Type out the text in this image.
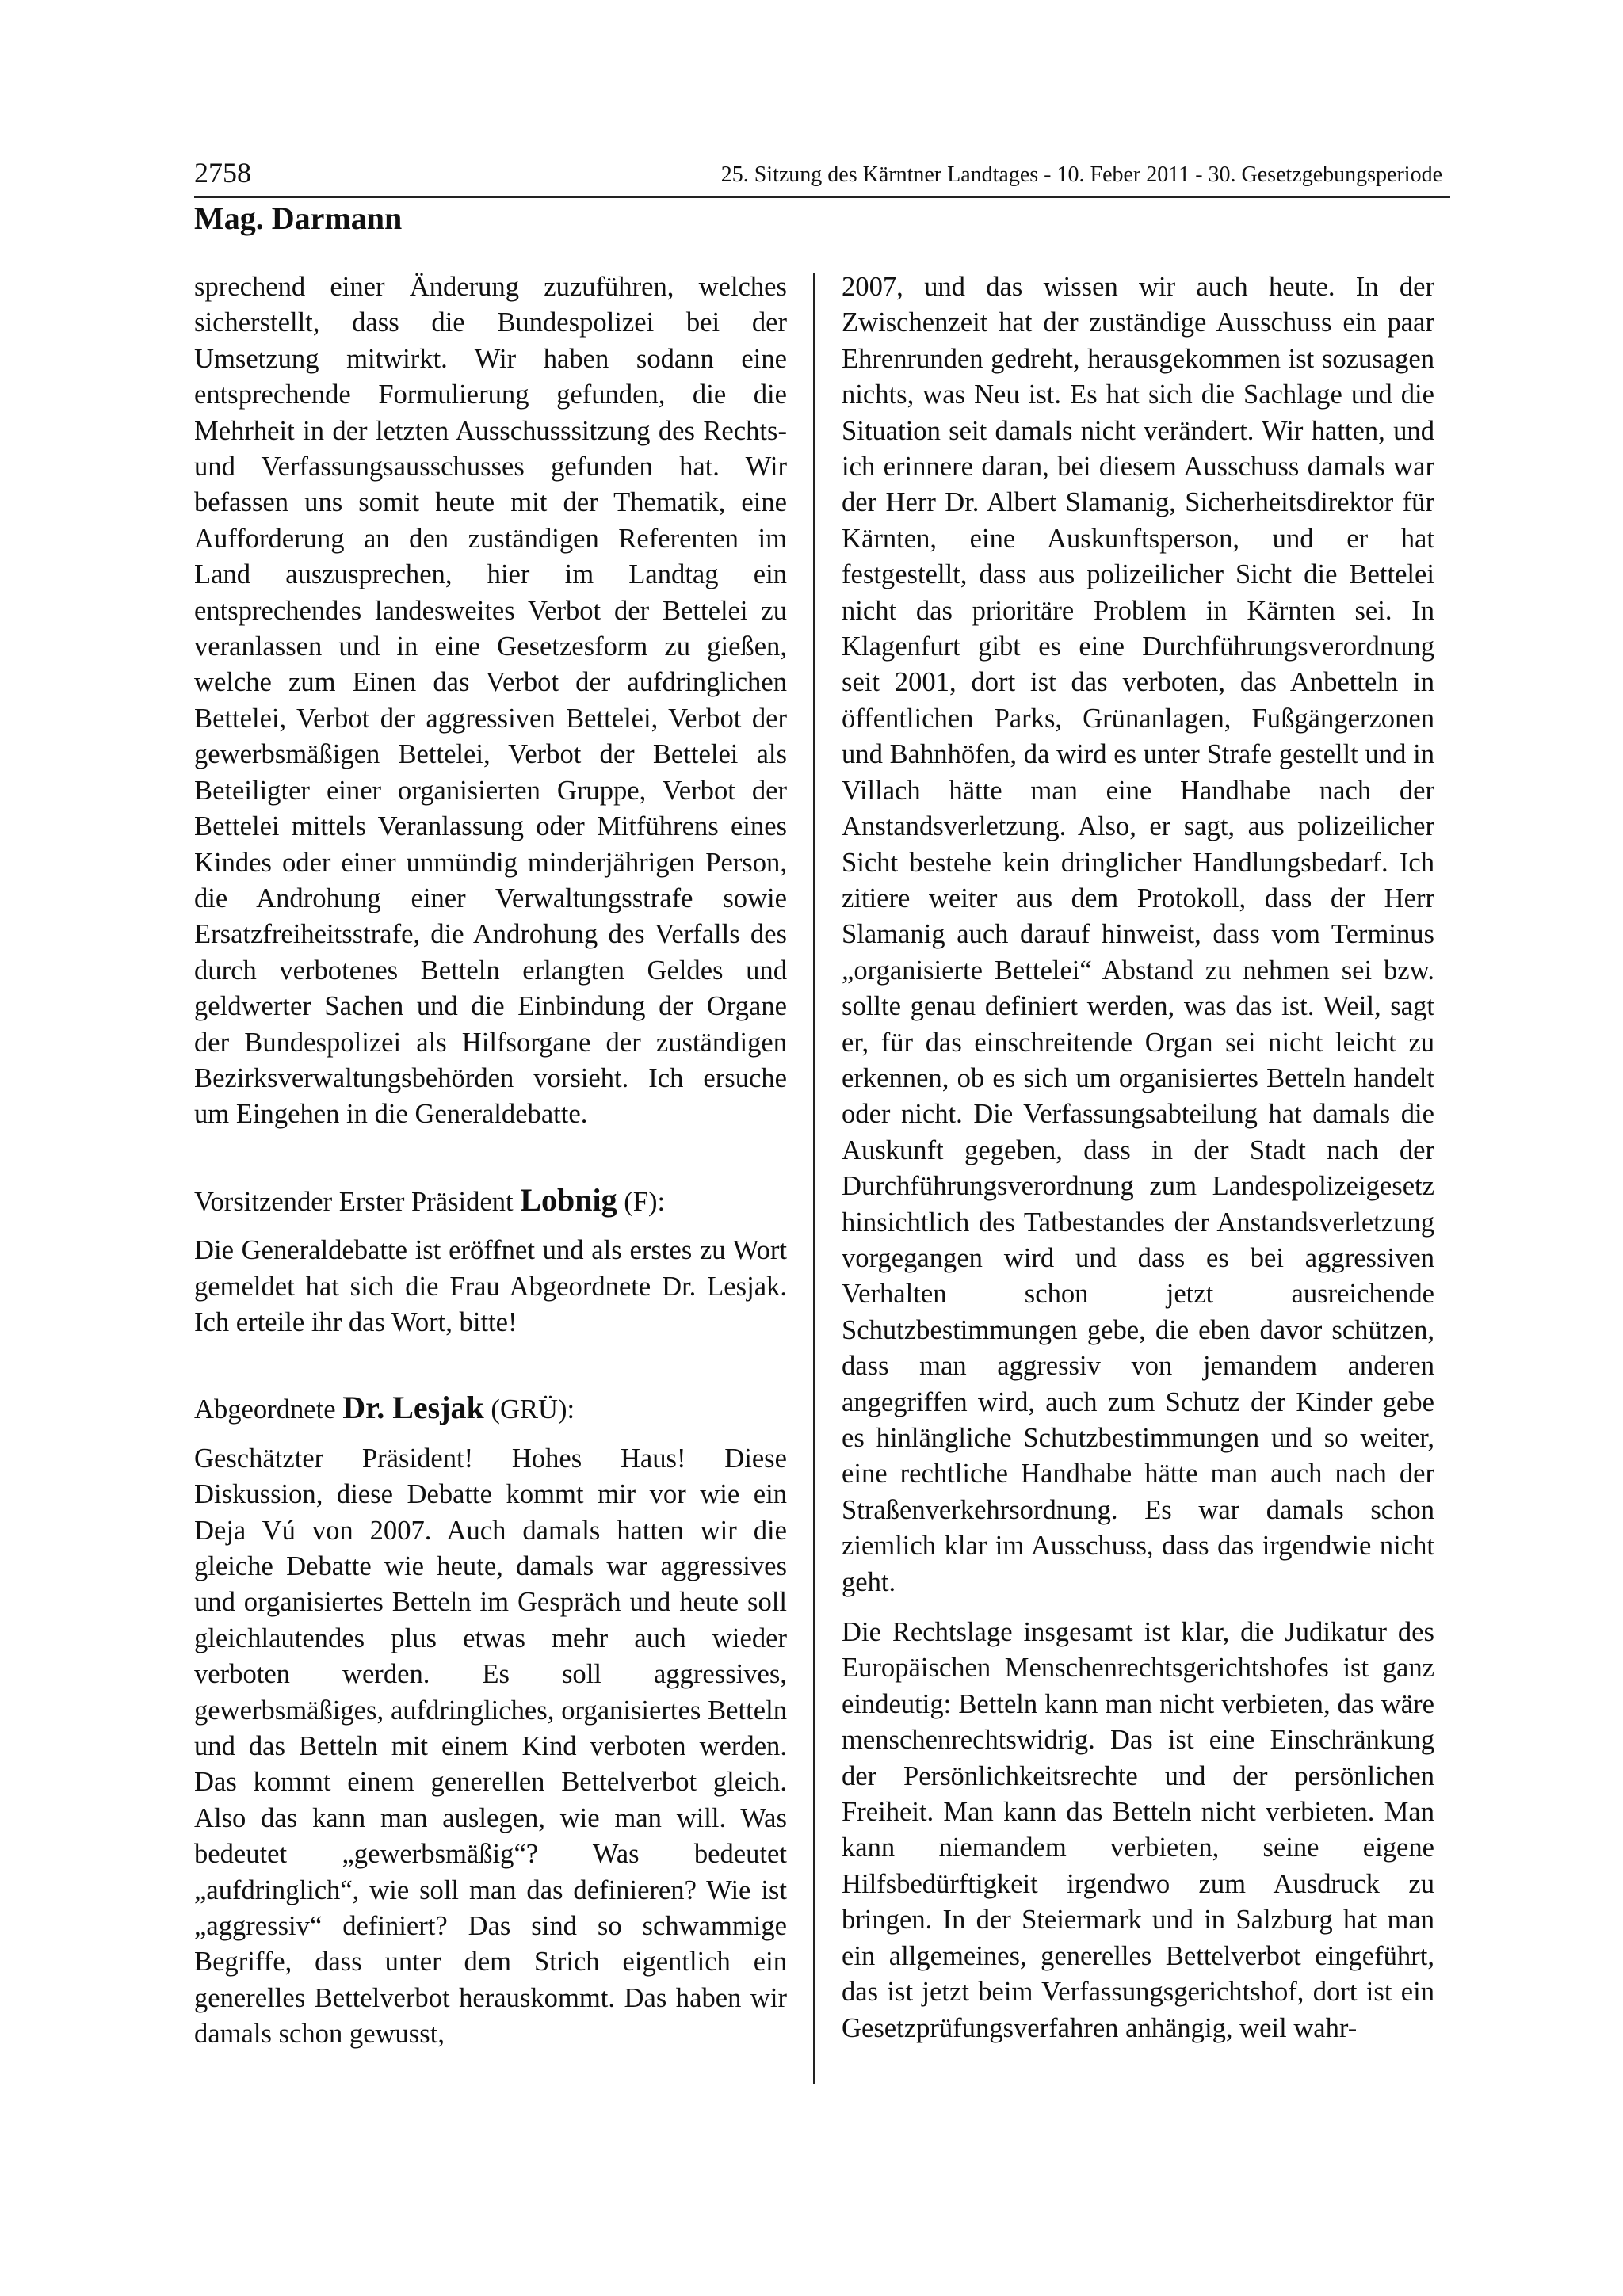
2758	25. Sitzung des Kärntner Landtages - 10. Feber 2011 - 30. Gesetzgebungsperiode
Mag. Darmann

sprechend einer Änderung zuzuführen, welches sicherstellt, dass die Bundespolizei bei der Umsetzung mitwirkt. Wir haben sodann eine entsprechende Formulierung gefunden, die die Mehrheit in der letzten Ausschusssitzung des Rechts- und Verfassungsausschusses gefunden hat. Wir befassen uns somit heute mit der Thematik, eine Aufforderung an den zuständigen Referenten im Land auszusprechen, hier im Landtag ein entsprechendes landesweites Verbot der Bettelei zu veranlassen und in eine Gesetzesform zu gießen, welche zum Einen das Verbot der aufdringlichen Bettelei, Verbot der aggressiven Bettelei, Verbot der gewerbsmäßigen Bettelei, Verbot der Bettelei als Beteiligter einer organisierten Gruppe, Verbot der Bettelei mittels Veranlassung oder Mitführens eines Kindes oder einer unmündig minderjährigen Person, die Androhung einer Verwaltungsstrafe sowie Ersatzfreiheitsstrafe, die Androhung des Verfalls des durch verbotenes Betteln erlangten Geldes und geldwerter Sachen und die Einbindung der Organe der Bundespolizei als Hilfsorgane der zuständigen Bezirksverwaltungsbehörden vorsieht. Ich ersuche um Eingehen in die Generaldebatte.

Vorsitzender Erster Präsident Lobnig (F):

Die Generaldebatte ist eröffnet und als erstes zu Wort gemeldet hat sich die Frau Abgeordnete Dr. Lesjak. Ich erteile ihr das Wort, bitte!

Abgeordnete Dr. Lesjak (GRÜ):

Geschätzter Präsident! Hohes Haus! Diese Diskussion, diese Debatte kommt mir vor wie ein Deja Vú von 2007. Auch damals hatten wir die gleiche Debatte wie heute, damals war aggressives und organisiertes Betteln im Gespräch und heute soll gleichlautendes plus etwas mehr auch wieder verboten werden. Es soll aggressives, gewerbsmäßiges, aufdringliches, organisiertes Betteln und das Betteln mit einem Kind verboten werden. Das kommt einem generellen Bettelverbot gleich. Also das kann man auslegen, wie man will. Was bedeutet „gewerbsmäßig“? Was bedeutet „aufdringlich“, wie soll man das definieren? Wie ist „aggressiv“ definiert? Das sind so schwammige Begriffe, dass unter dem Strich eigentlich ein generelles Bettelverbot herauskommt. Das haben wir damals schon gewusst,

2007, und das wissen wir auch heute. In der Zwischenzeit hat der zuständige Ausschuss ein paar Ehrenrunden gedreht, herausgekommen ist sozusagen nichts, was Neu ist. Es hat sich die Sachlage und die Situation seit damals nicht verändert. Wir hatten, und ich erinnere daran, bei diesem Ausschuss damals war der Herr Dr. Albert Slamanig, Sicherheitsdirektor für Kärnten, eine Auskunftsperson, und er hat festgestellt, dass aus polizeilicher Sicht die Bettelei nicht das prioritäre Problem in Kärnten sei. In Klagenfurt gibt es eine Durchführungsverordnung seit 2001, dort ist das verboten, das Anbetteln in öffentlichen Parks, Grünanlagen, Fußgängerzonen und Bahnhöfen, da wird es unter Strafe gestellt und in Villach hätte man eine Handhabe nach der Anstandsverletzung. Also, er sagt, aus polizeilicher Sicht bestehe kein dringlicher Handlungsbedarf. Ich zitiere weiter aus dem Protokoll, dass der Herr Slamanig auch darauf hinweist, dass vom Terminus „organisierte Bettelei“ Abstand zu nehmen sei bzw. sollte genau definiert werden, was das ist. Weil, sagt er, für das einschreitende Organ sei nicht leicht zu erkennen, ob es sich um organisiertes Betteln handelt oder nicht. Die Verfassungsabteilung hat damals die Auskunft gegeben, dass in der Stadt nach der Durchführungsverordnung zum Landespolizeigesetz hinsichtlich des Tatbestandes der Anstandsverletzung vorgegangen wird und dass es bei aggressiven Verhalten schon jetzt ausreichende Schutzbestimmungen gebe, die eben davor schützen, dass man aggressiv von jemandem anderen angegriffen wird, auch zum Schutz der Kinder gebe es hinlängliche Schutzbestimmungen und so weiter, eine rechtliche Handhabe hätte man auch nach der Straßenverkehrsordnung. Es war damals schon ziemlich klar im Ausschuss, dass das irgendwie nicht geht.

Die Rechtslage insgesamt ist klar, die Judikatur des Europäischen Menschenrechtsgerichtshofes ist ganz eindeutig: Betteln kann man nicht verbieten, das wäre menschenrechtswidrig. Das ist eine Einschränkung der Persönlichkeitsrechte und der persönlichen Freiheit. Man kann das Betteln nicht verbieten. Man kann niemandem verbieten, seine eigene Hilfsbedürftigkeit irgendwo zum Ausdruck zu bringen. In der Steiermark und in Salzburg hat man ein allgemeines, generelles Bettelverbot eingeführt, das ist jetzt beim Verfassungsgerichtshof, dort ist ein Gesetzprüfungsverfahren anhängig, weil wahr-
